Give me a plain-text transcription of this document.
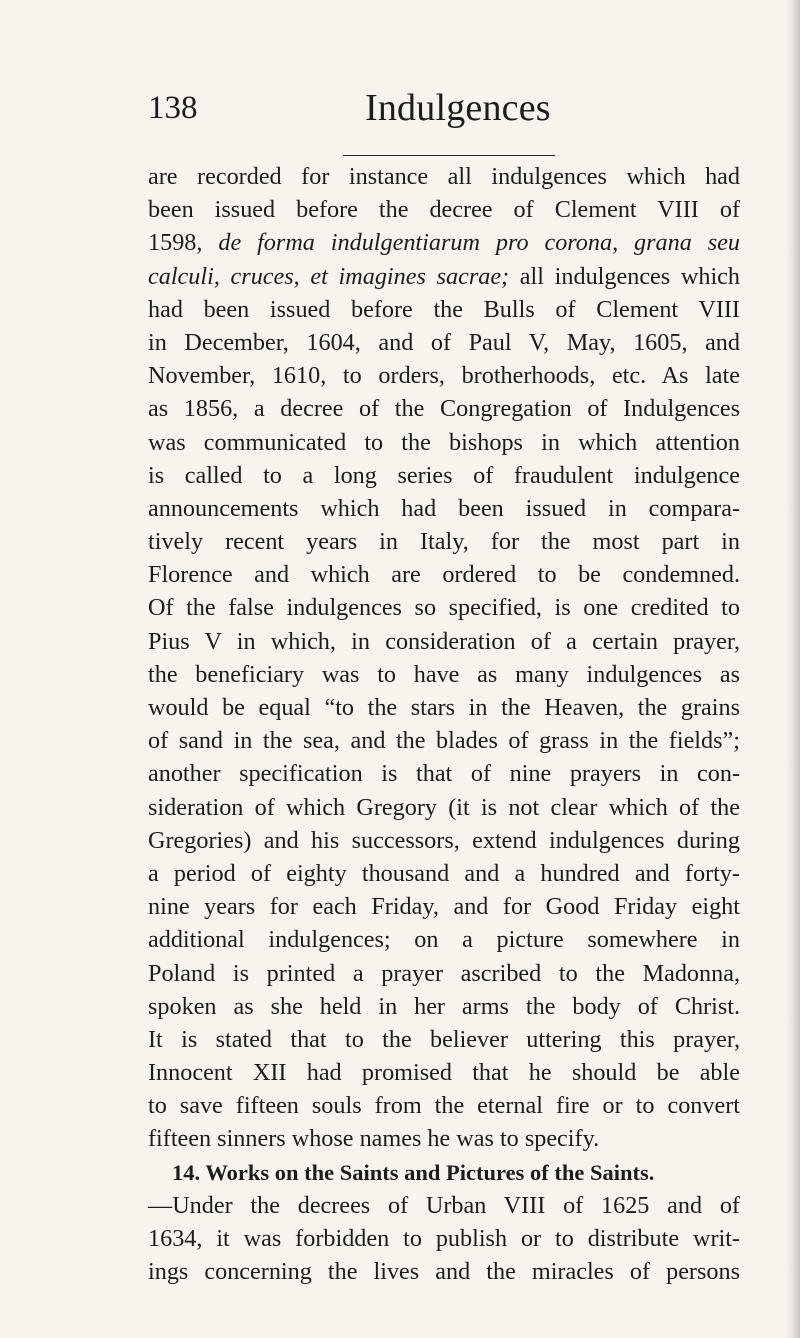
138	Indulgences
are recorded for instance all indulgences which had
been issued before the decree of Clement VIII of
1598, de forma indulgentiarum pro corona, grana seu
calculi, cruces, et imagines sacrae; all indulgences which
had been issued before the Bulls of Clement VIII
in December, 1604, and of Paul V, May, 1605, and
November, 1610, to orders, brotherhoods, etc. As late
as 1856, a decree of the Congregation of Indulgences
was communicated to the bishops in which attention
is called to a long series of fraudulent indulgence
announcements which had been issued in compara-
tively recent years in Italy, for the most part in
Florence and which are ordered to be condemned.
Of the false indulgences so specified, is one credited to
Pius V in which, in consideration of a certain prayer,
the beneficiary was to have as many indulgences as
would be equal “to the stars in the Heaven, the grains
of sand in the sea, and the blades of grass in the fields”;
another specification is that of nine prayers in con-
sideration of which Gregory (it is not clear which of the
Gregories) and his successors, extend indulgences during
a period of eighty thousand and a hundred and forty-
nine years for each Friday, and for Good Friday eight
additional indulgences; on a picture somewhere in
Poland is printed a prayer ascribed to the Madonna,
spoken as she held in her arms the body of Christ.
It is stated that to the believer uttering this prayer,
Innocent XII had promised that he should be able
to save fifteen souls from the eternal fire or to convert
fifteen sinners whose names he was to specify.
14. Works on the Saints and Pictures of the Saints.
—Under the decrees of Urban VIII of 1625 and of
1634, it was forbidden to publish or to distribute writ-
ings concerning the lives and the miracles of persons
